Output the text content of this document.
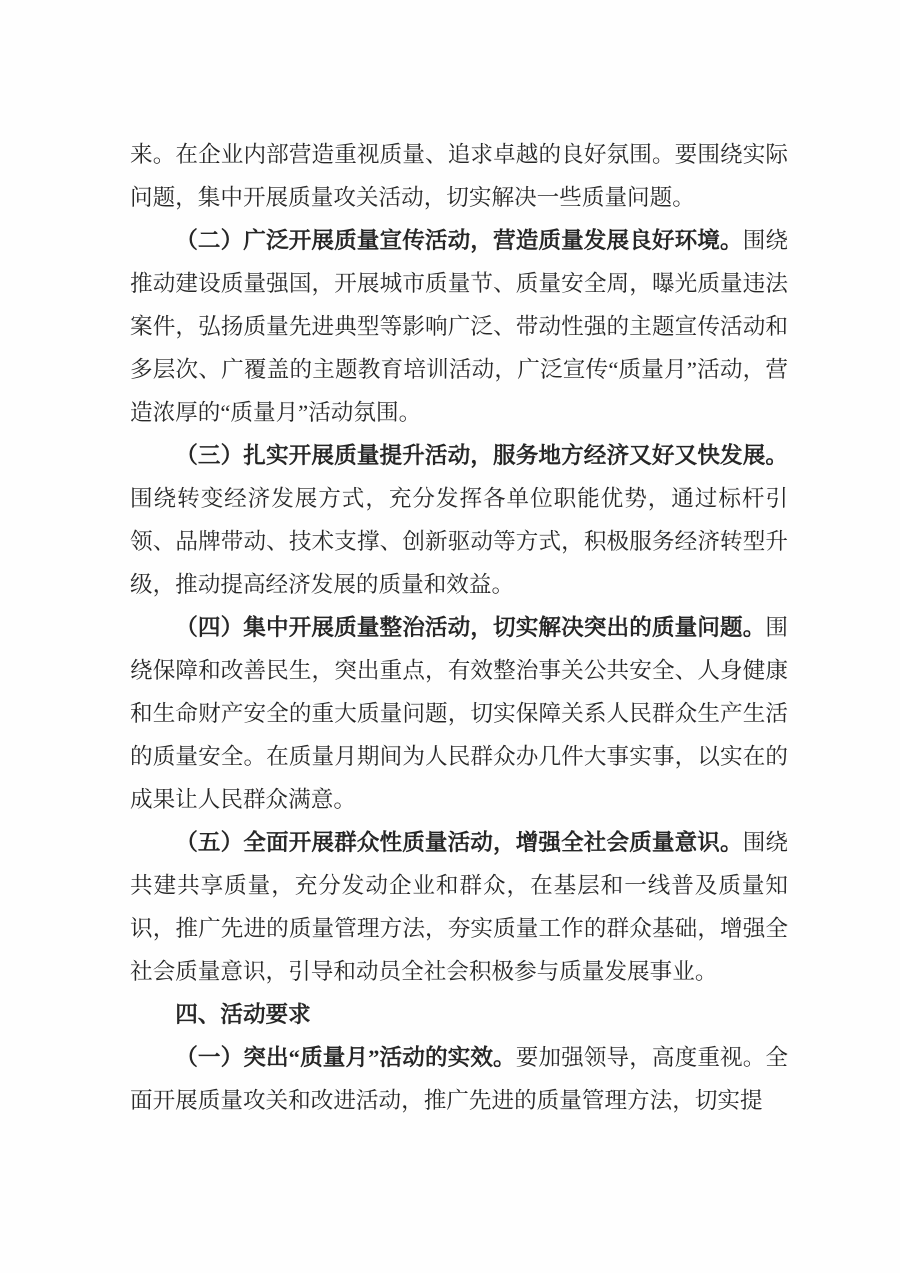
来。在企业内部营造重视质量、追求卓越的良好氛围。要围绕实际问题，集中开展质量攻关活动，切实解决一些质量问题。

（二）广泛开展质量宣传活动，营造质量发展良好环境。围绕推动建设质量强国，开展城市质量节、质量安全周，曝光质量违法案件，弘扬质量先进典型等影响广泛、带动性强的主题宣传活动和多层次、广覆盖的主题教育培训活动，广泛宣传“质量月”活动，营造浓厚的“质量月”活动氛围。

（三）扎实开展质量提升活动，服务地方经济又好又快发展。围绕转变经济发展方式，充分发挥各单位职能优势，通过标杆引领、品牌带动、技术支撑、创新驱动等方式，积极服务经济转型升级，推动提高经济发展的质量和效益。

（四）集中开展质量整治活动，切实解决突出的质量问题。围绕保障和改善民生，突出重点，有效整治事关公共安全、人身健康和生命财产安全的重大质量问题，切实保障关系人民群众生产生活的质量安全。在质量月期间为人民群众办几件大事实事，以实在的成果让人民群众满意。

（五）全面开展群众性质量活动，增强全社会质量意识。围绕共建共享质量，充分发动企业和群众，在基层和一线普及质量知识，推广先进的质量管理方法，夯实质量工作的群众基础，增强全社会质量意识，引导和动员全社会积极参与质量发展事业。

四、活动要求

（一）突出“质量月”活动的实效。要加强领导，高度重视。全面开展质量攻关和改进活动，推广先进的质量管理方法，切实提
